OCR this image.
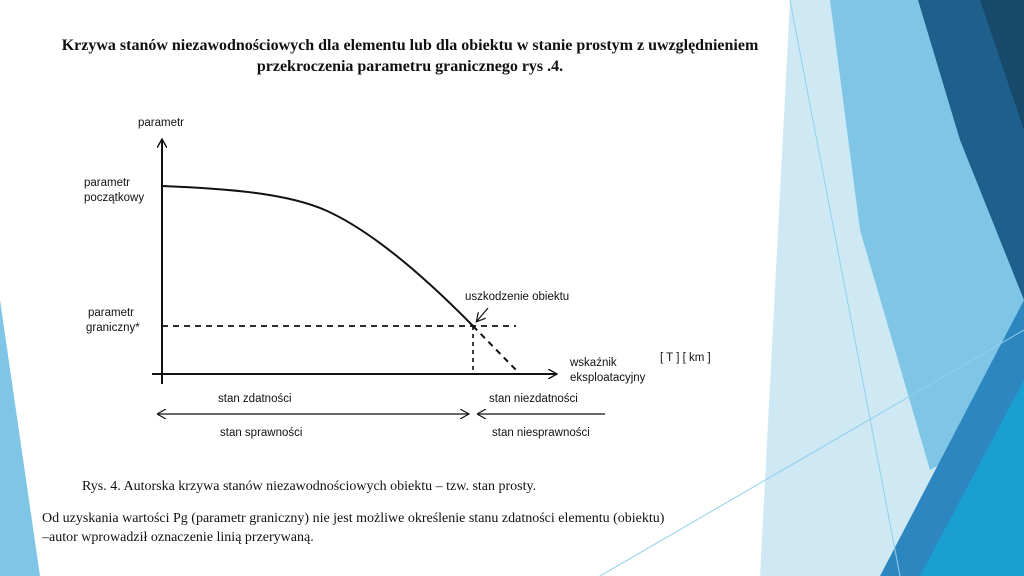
Krzywa stanów niezawodnościowych dla elementu lub dla obiektu w stanie prostym z uwzględnieniem
przekroczenia parametru granicznego rys .4.
parametr
parametr
początkowy
parametr
graniczny*
uszkodzenie obiektu
wskaźnik
eksploatacyjny
[ T ] [ km ]
stan zdatności	stan niezdatności
stan sprawności	stan niesprawności
Rys. 4. Autorska krzywa stanów niezawodnościowych obiektu – tzw. stan prosty.
Od uzyskania wartości Pg (parametr graniczny) nie jest możliwe określenie stanu zdatności elementu (obiektu)
–autor wprowadził oznaczenie linią przerywaną.
